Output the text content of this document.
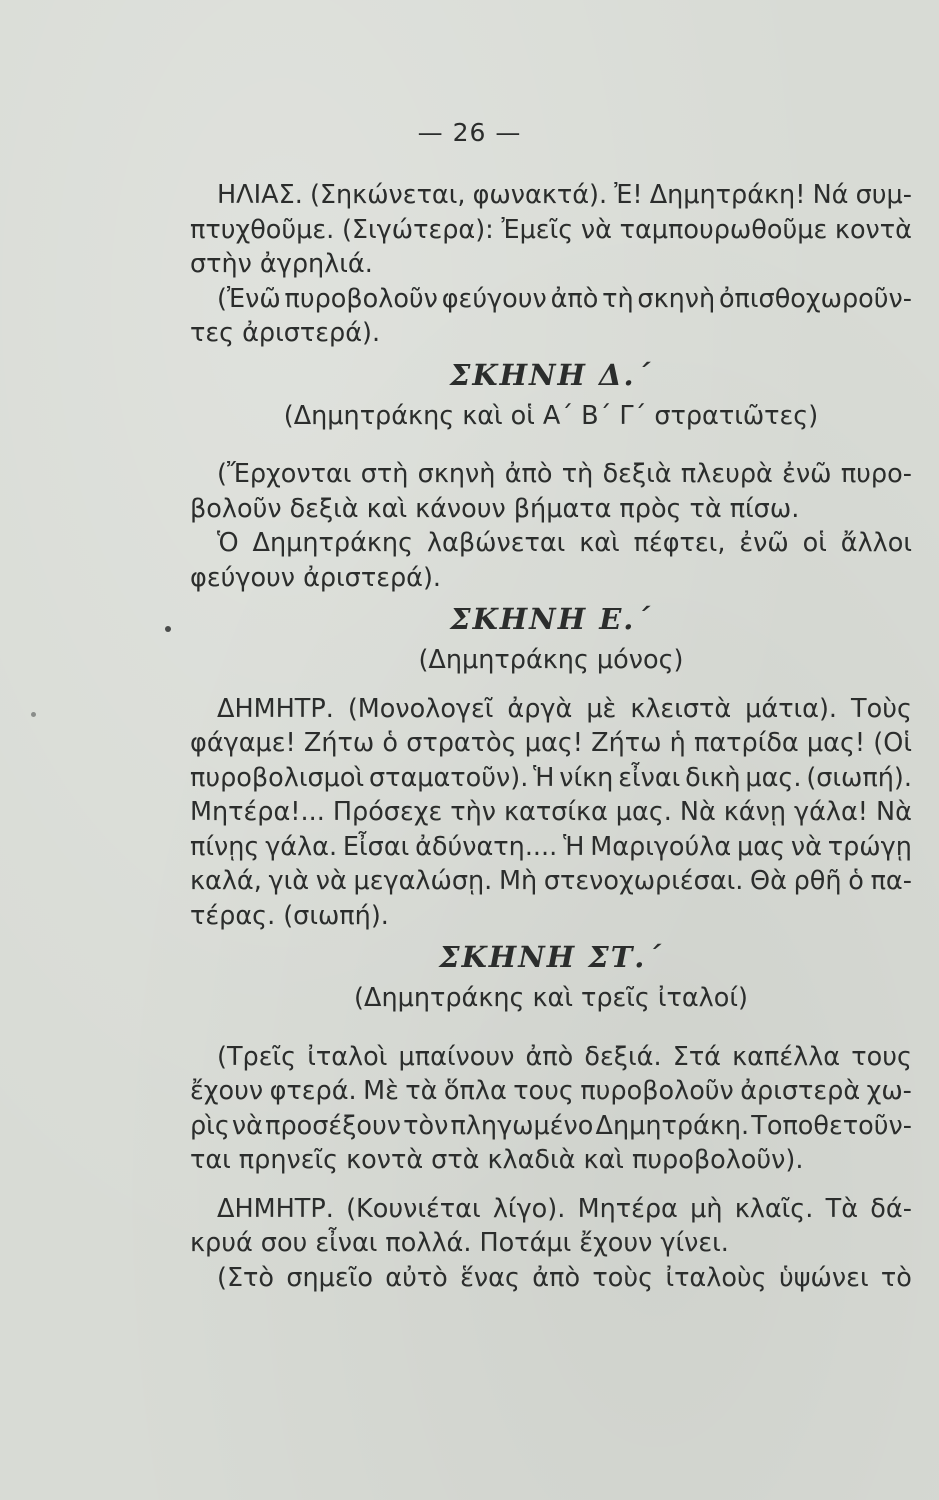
— 26 —
ΗΛΙΑΣ. (Σηκώνεται, φωνακτά). Ἐ! Δημητράκη! Νά συμ-
πτυχθοῦμε. (Σιγώτερα): Ἐμεῖς νὰ ταμπουρωθοῦμε κοντὰ
στὴν ἀγρηλιά.
(Ἐνῶ πυροβολοῦν φεύγουν ἀπὸ τὴ σκηνὴ ὀπισθοχωροῦν-
τες ἀριστερά).
ΣΚΗΝΗ Δ.΄
(Δημητράκης καὶ οἱ Α΄ Β΄ Γ΄ στρατιῶτες)
(Ἔρχονται στὴ σκηνὴ ἀπὸ τὴ δεξιὰ πλευρὰ ἐνῶ πυρο-
βολοῦν δεξιὰ καὶ κάνουν βήματα πρὸς τὰ πίσω.
Ὁ Δημητράκης λαβώνεται καὶ πέφτει, ἐνῶ οἱ ἄλλοι
φεύγουν ἀριστερά).
ΣΚΗΝΗ Ε.΄
(Δημητράκης μόνος)
ΔΗΜΗΤΡ. (Μονολογεῖ ἀργὰ μὲ κλειστὰ μάτια). Τοὺς
φάγαμε! Ζήτω ὁ στρατὸς μας! Ζήτω ἡ πατρίδα μας! (Οἱ
πυροβολισμοὶ σταματοῦν). Ἡ νίκη εἶναι δικὴ μας. (σιωπή).
Μητέρα!... Πρόσεχε τὴν κατσίκα μας. Νὰ κάνῃ γάλα! Νὰ
πίνῃς γάλα. Εἶσαι ἀδύνατη.... Ἡ Μαριγούλα μας νὰ τρώγῃ
καλά, γιὰ νὰ μεγαλώσῃ. Μὴ στενοχωριέσαι. Θὰ ρθῆ ὁ πα-
τέρας. (σιωπή).
ΣΚΗΝΗ ΣΤ.΄
(Δημητράκης καὶ τρεῖς ἰταλοί)
(Τρεῖς ἰταλοὶ μπαίνουν ἀπὸ δεξιά. Στά καπέλλα τους
ἔχουν φτερά. Μὲ τὰ ὅπλα τους πυροβολοῦν ἀριστερὰ χω-
ρὶς νὰ προσέξουν τὸν πληγωμένο Δημητράκη. Τοποθετοῦν-
ται πρηνεῖς κοντὰ στὰ κλαδιὰ καὶ πυροβολοῦν).
ΔΗΜΗΤΡ. (Κουνιέται λίγο). Μητέρα μὴ κλαῖς. Τὰ δά-
κρυά σου εἶναι πολλά. Ποτάμι ἔχουν γίνει.
(Στὸ σημεῖο αὐτὸ ἕνας ἀπὸ τοὺς ἰταλοὺς ὑψώνει τὸ
